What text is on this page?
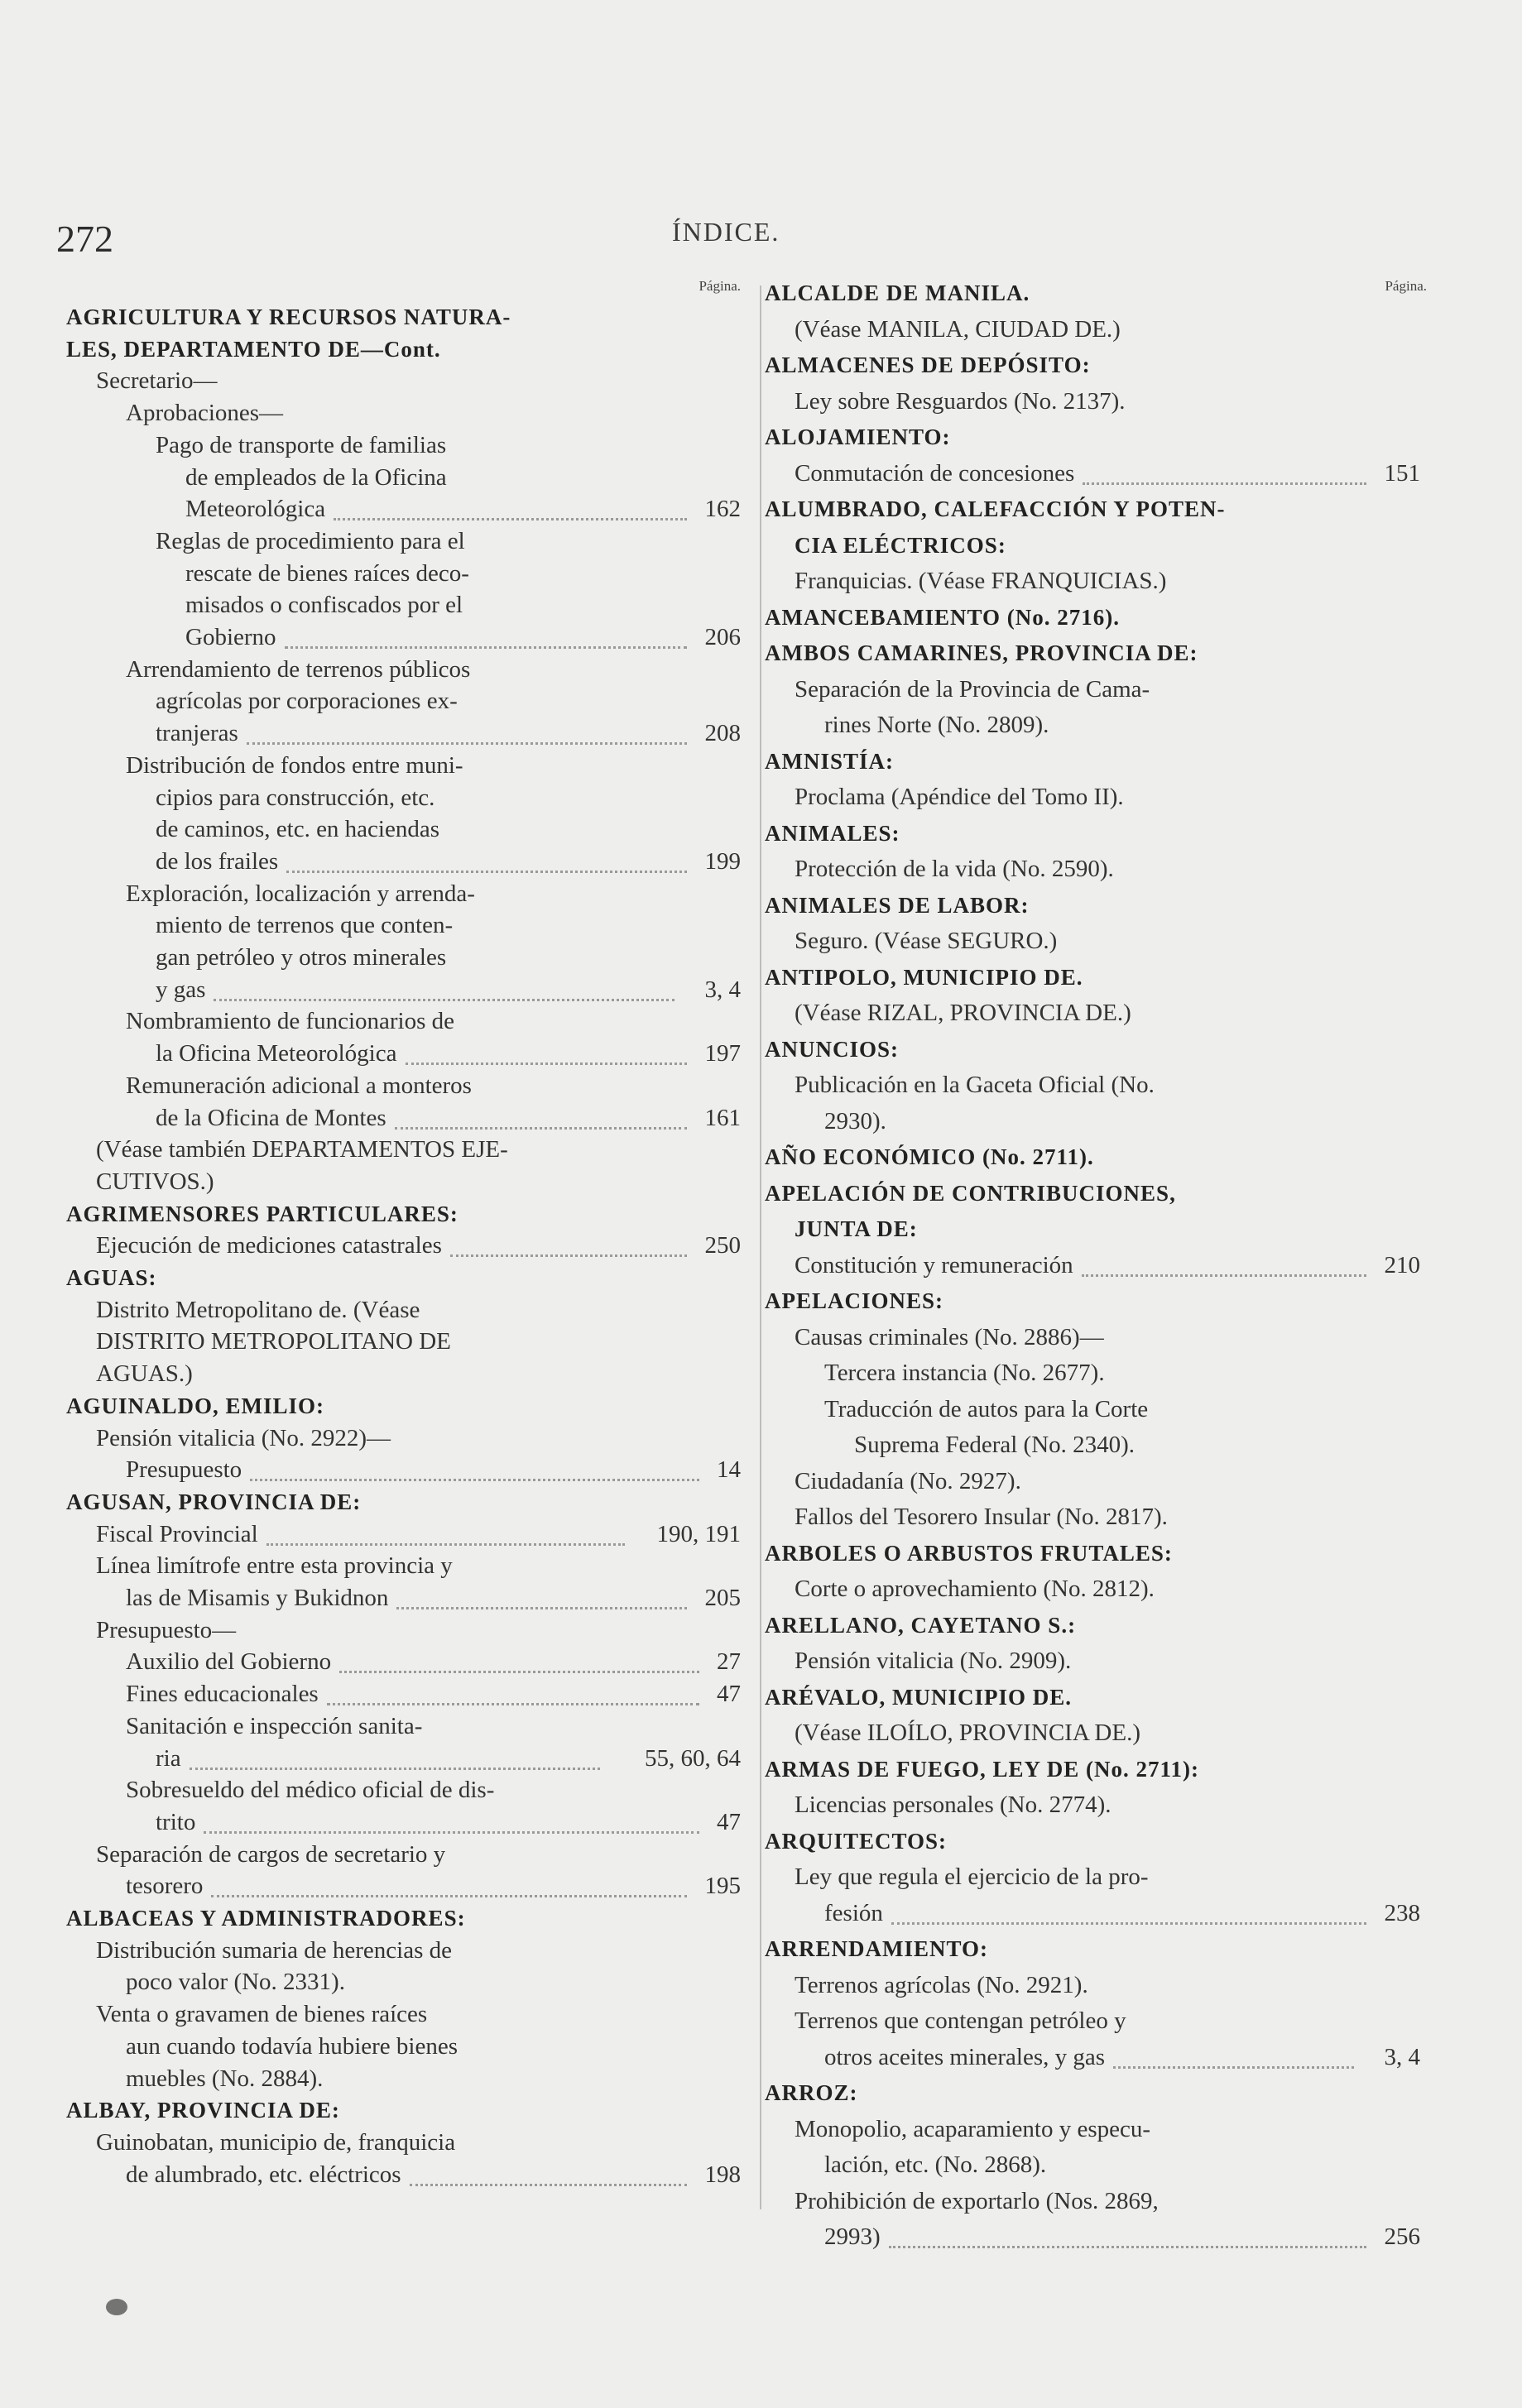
272	ÍNDICE.
Página.
AGRICULTURA Y RECURSOS NATURA-
LES, DEPARTAMENTO DE—Cont.
Secretario—
Aprobaciones—
Pago de transporte de familias
de empleados de la Oficina
Meteorológica	162
Reglas de procedimiento para el
rescate de bienes raíces deco-
misados o confiscados por el
Gobierno	206
Arrendamiento de terrenos públicos
agrícolas por corporaciones ex-
tranjeras	208
Distribución de fondos entre muni-
cipios para construcción, etc.
de caminos, etc. en haciendas
de los frailes	199
Exploración, localización y arrenda-
miento de terrenos que conten-
gan petróleo y otros minerales
y gas	3, 4
Nombramiento de funcionarios de
la Oficina Meteorológica	197
Remuneración adicional a monteros
de la Oficina de Montes	161
(Véase también DEPARTAMENTOS EJE-
CUTIVOS.)
AGRIMENSORES PARTICULARES:
Ejecución de mediciones catastrales	250
AGUAS:
Distrito Metropolitano de. (Véase
DISTRITO METROPOLITANO DE
AGUAS.)
AGUINALDO, EMILIO:
Pensión vitalicia (No. 2922)—
Presupuesto	14
AGUSAN, PROVINCIA DE:
Fiscal Provincial	190, 191
Línea limítrofe entre esta provincia y
las de Misamis y Bukidnon	205
Presupuesto—
Auxilio del Gobierno	27
Fines educacionales	47
Sanitación e inspección sanita-
ria	55, 60, 64
Sobresueldo del médico oficial de dis-
trito	47
Separación de cargos de secretario y
tesorero	195
ALBACEAS Y ADMINISTRADORES:
Distribución sumaria de herencias de
poco valor (No. 2331).
Venta o gravamen de bienes raíces
aun cuando todavía hubiere bienes
muebles (No. 2884).
ALBAY, PROVINCIA DE:
Guinobatan, municipio de, franquicia
de alumbrado, etc. eléctricos	198
Página.
ALCALDE DE MANILA.
(Véase MANILA, CIUDAD DE.)
ALMACENES DE DEPÓSITO:
Ley sobre Resguardos (No. 2137).
ALOJAMIENTO:
Conmutación de concesiones	151
ALUMBRADO, CALEFACCIÓN Y POTEN-
CIA ELÉCTRICOS:
Franquicias. (Véase FRANQUICIAS.)
AMANCEBAMIENTO (No. 2716).
AMBOS CAMARINES, PROVINCIA DE:
Separación de la Provincia de Cama-
rines Norte (No. 2809).
AMNISTÍA:
Proclama (Apéndice del Tomo II).
ANIMALES:
Protección de la vida (No. 2590).
ANIMALES DE LABOR:
Seguro. (Véase SEGURO.)
ANTIPOLO, MUNICIPIO DE.
(Véase RIZAL, PROVINCIA DE.)
ANUNCIOS:
Publicación en la Gaceta Oficial (No.
2930).
AÑO ECONÓMICO (No. 2711).
APELACIÓN DE CONTRIBUCIONES,
JUNTA DE:
Constitución y remuneración	210
APELACIONES:
Causas criminales (No. 2886)—
Tercera instancia (No. 2677).
Traducción de autos para la Corte
Suprema Federal (No. 2340).
Ciudadanía (No. 2927).
Fallos del Tesorero Insular (No. 2817).
ARBOLES O ARBUSTOS FRUTALES:
Corte o aprovechamiento (No. 2812).
ARELLANO, CAYETANO S.:
Pensión vitalicia (No. 2909).
ARÉVALO, MUNICIPIO DE.
(Véase ILOÍLO, PROVINCIA DE.)
ARMAS DE FUEGO, LEY DE (No. 2711):
Licencias personales (No. 2774).
ARQUITECTOS:
Ley que regula el ejercicio de la pro-
fesión	238
ARRENDAMIENTO:
Terrenos agrícolas (No. 2921).
Terrenos que contengan petróleo y
otros aceites minerales, y gas	3, 4
ARROZ:
Monopolio, acaparamiento y especu-
lación, etc. (No. 2868).
Prohibición de exportarlo (Nos. 2869,
2993)	256
